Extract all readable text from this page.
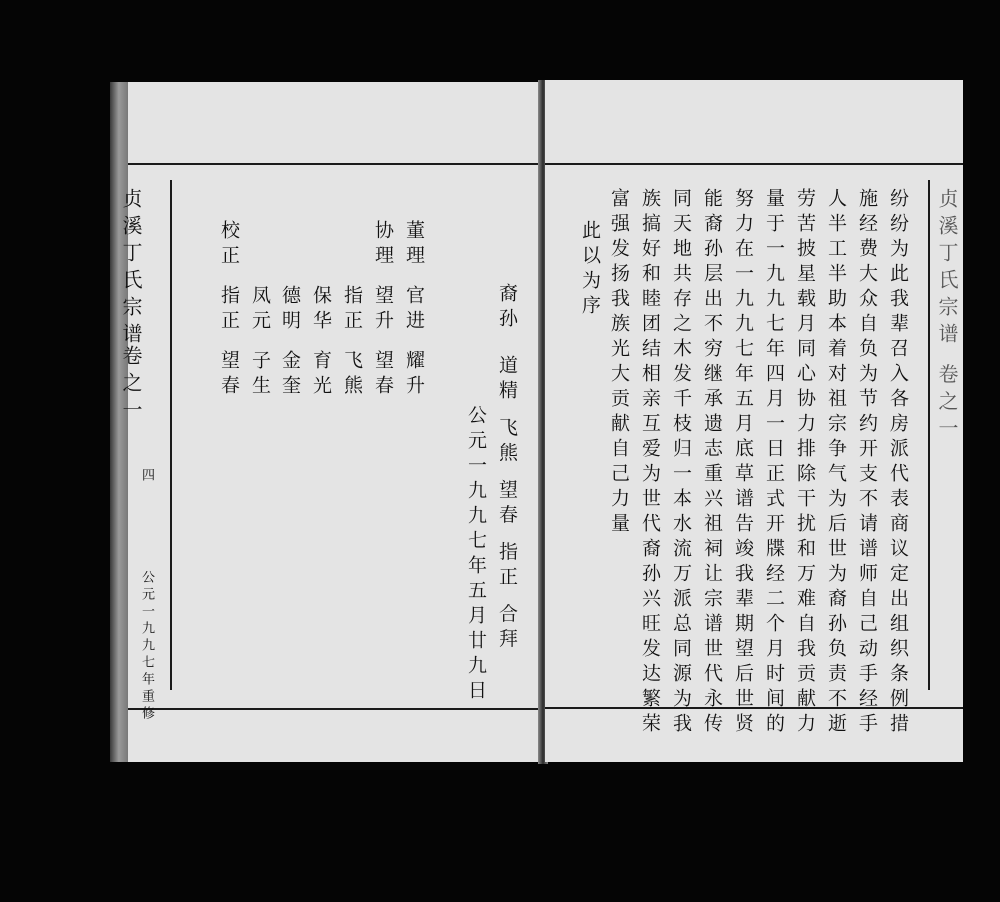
贞溪丁氏宗谱
卷之一
四
公元一九九七年重修
董理
官进
耀升
协理
望升
望春
指正
飞熊
保华
育光
德明
金奎
凤元
子生
校正
指正
望春
裔孙
道精 飞熊 望春 指正 合拜
公元一九九七年五月廿九日
贞溪丁氏宗谱 卷之一
纷纷为此我辈召入各房派代表商议定出组织条例措
施经费大众自负为节约开支不请谱师自己动手经手
人半工半助本着对祖宗争气为后世为裔孙负责不逝
劳苦披星载月同心协力排除干扰和万难自我贡献力
量于一九九七年四月一日正式开牒经二个月时间的
努力在一九九七年五月底草谱告竣我辈期望后世贤
能裔孙层出不穷继承遗志重兴祖祠让宗谱世代永传
同天地共存之木发千枝归一本水流万派总同源为我
族搞好和睦团结相亲互爱为世代裔孙兴旺发达繁荣
富强发扬我族光大贡献自己力量
此以为序
